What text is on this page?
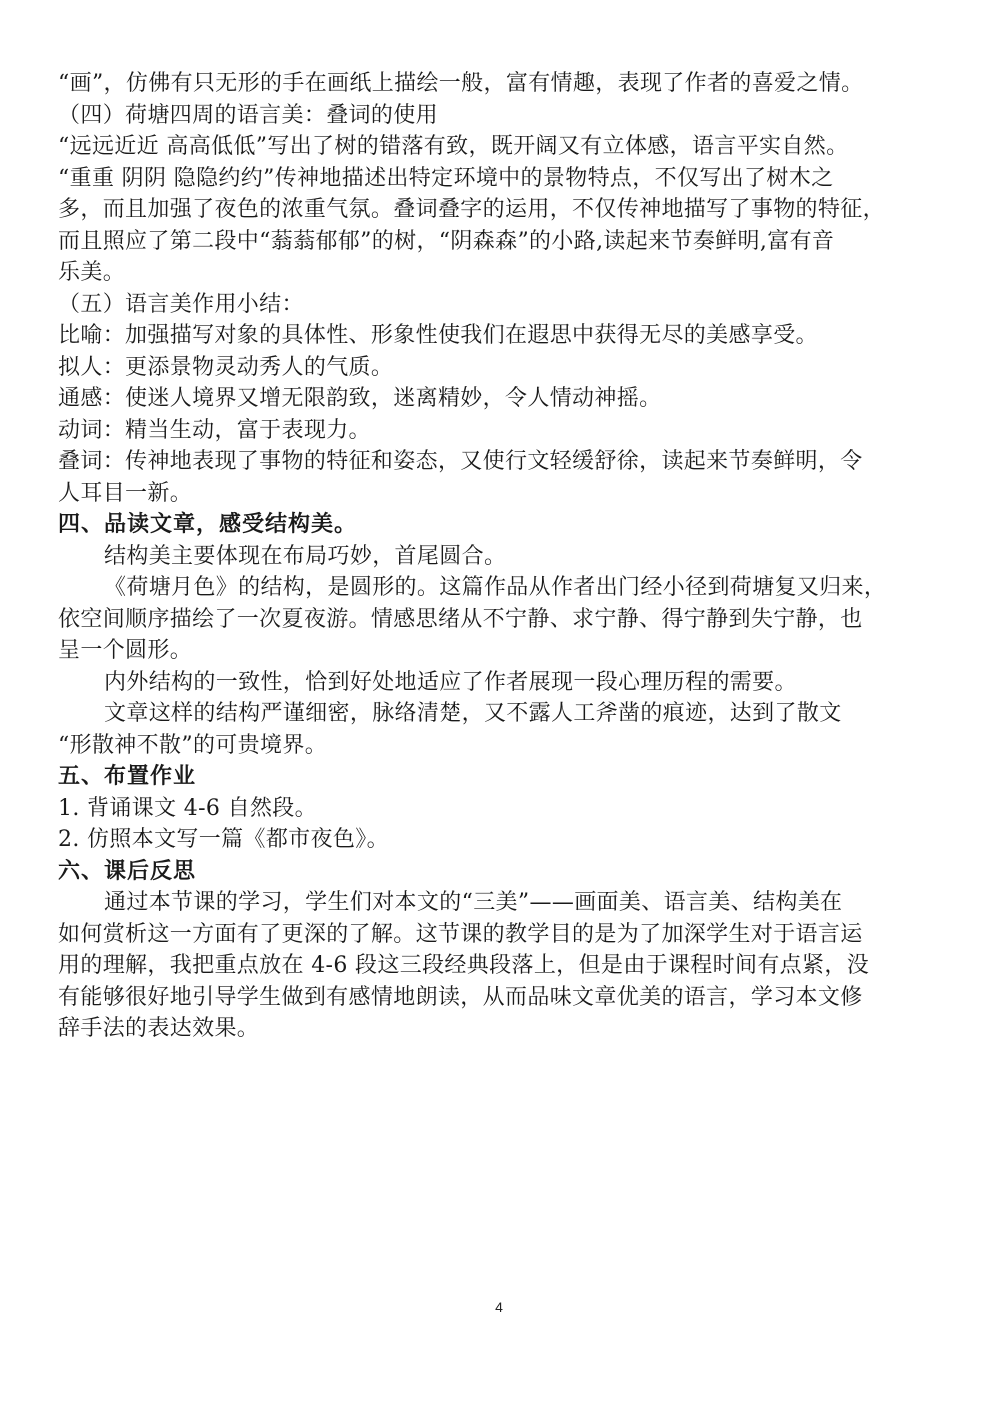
“画”，仿佛有只无形的手在画纸上描绘一般，富有情趣，表现了作者的喜爱之情。
（四）荷塘四周的语言美：叠词的使用
“远远近近 高高低低”写出了树的错落有致，既开阔又有立体感，语言平实自然。
“重重 阴阴 隐隐约约”传神地描述出特定环境中的景物特点，不仅写出了树木之
多，而且加强了夜色的浓重气氛。叠词叠字的运用，不仅传神地描写了事物的特征，
而且照应了第二段中“蓊蓊郁郁”的树，“阴森森”的小路,读起来节奏鲜明,富有音
乐美。
（五）语言美作用小结：
比喻：加强描写对象的具体性、形象性使我们在遐思中获得无尽的美感享受。
拟人：更添景物灵动秀人的气质。
通感：使迷人境界又增无限韵致，迷离精妙，令人情动神摇。
动词：精当生动，富于表现力。
叠词：传神地表现了事物的特征和姿态，又使行文轻缓舒徐，读起来节奏鲜明，令
人耳目一新。
四、品读文章，感受结构美。
结构美主要体现在布局巧妙，首尾圆合。
《荷塘月色》的结构，是圆形的。这篇作品从作者出门经小径到荷塘复又归来，
依空间顺序描绘了一次夏夜游。情感思绪从不宁静、求宁静、得宁静到失宁静，也
呈一个圆形。
内外结构的一致性，恰到好处地适应了作者展现一段心理历程的需要。
文章这样的结构严谨细密，脉络清楚，又不露人工斧凿的痕迹，达到了散文
“形散神不散”的可贵境界。
五、布置作业
1. 背诵课文 4-6 自然段。
2. 仿照本文写一篇《都市夜色》。
六、课后反思
通过本节课的学习，学生们对本文的“三美”——画面美、语言美、结构美在
如何赏析这一方面有了更深的了解。这节课的教学目的是为了加深学生对于语言运
用的理解，我把重点放在 4-6 段这三段经典段落上，但是由于课程时间有点紧，没
有能够很好地引导学生做到有感情地朗读，从而品味文章优美的语言，学习本文修
辞手法的表达效果。
4
